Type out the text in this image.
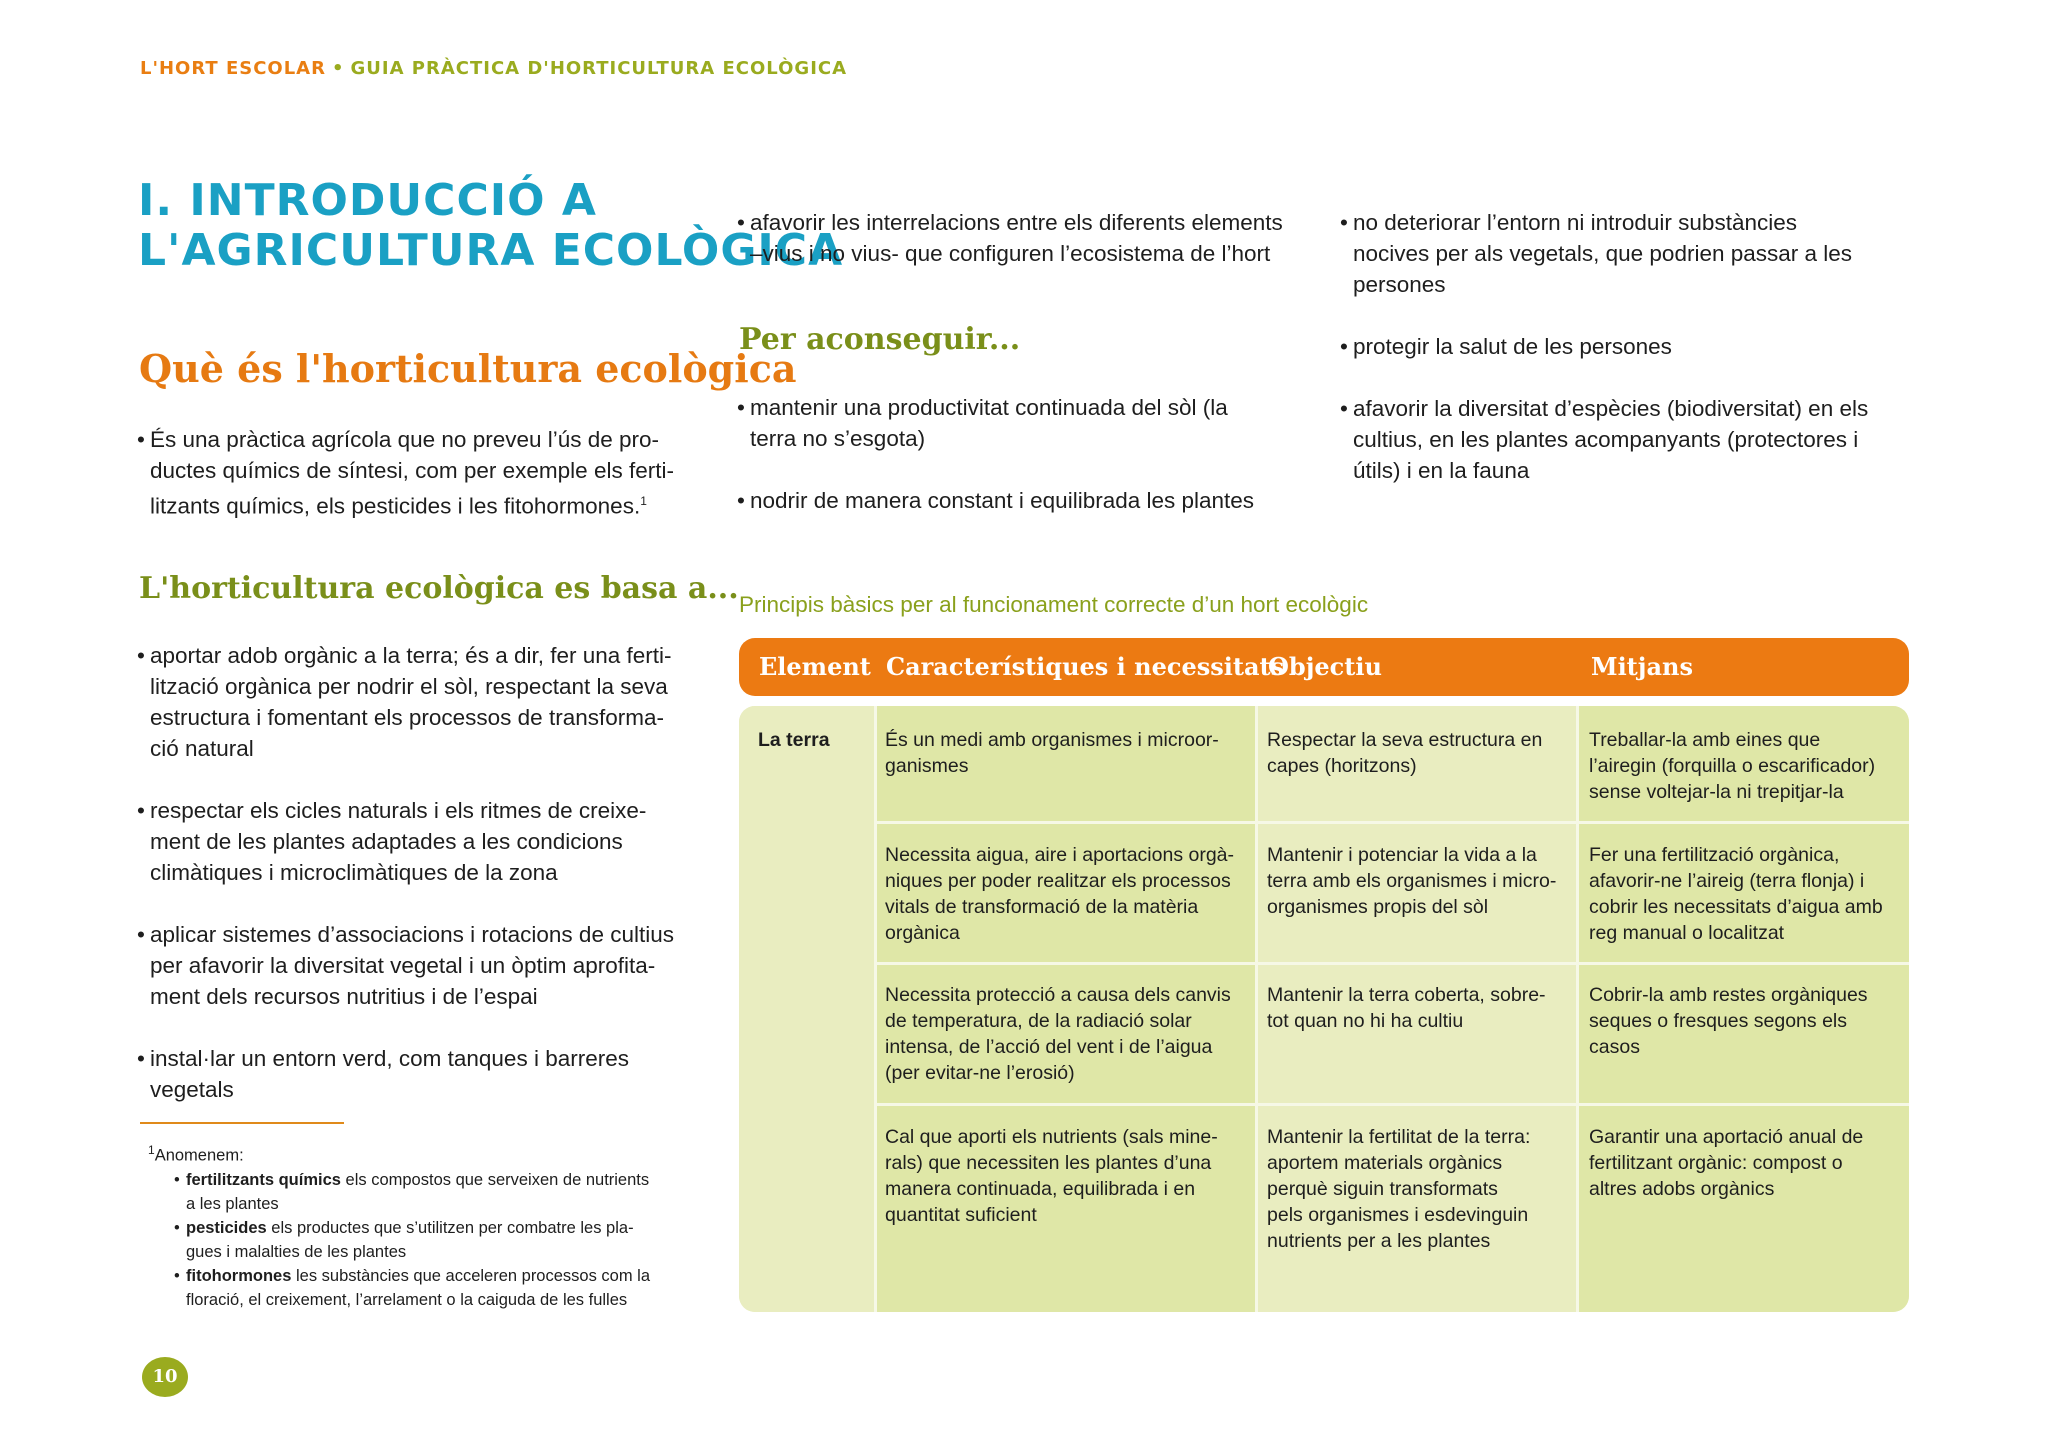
L'HORT ESCOLAR • GUIA PRÀCTICA D'HORTICULTURA ECOLÒGICA
I. INTRODUCCIÓ A
L'AGRICULTURA ECOLÒGICA
Què és l'horticultura ecològica
• És una pràctica agrícola que no preveu l’ús de pro-
ductes químics de síntesi, com per exemple els ferti-
litzants químics, els pesticides i les fitohormones.$^1$
L'horticultura ecològica es basa a...
• aportar adob orgànic a la terra; és a dir, fer una ferti-
lització orgànica per nodrir el sòl, respectant la seva
estructura i fomentant els processos de transforma-
ció natural
• respectar els cicles naturals i els ritmes de creixe-
ment de les plantes adaptades a les condicions
climàtiques i microclimàtiques de la zona
• aplicar sistemes d’associacions i rotacions de cultius
per afavorir la diversitat vegetal i un òptim aprofita-
ment dels recursos nutritius i de l’espai
• instal·lar un entorn verd, com tanques i barreres
vegetals
$^1$Anomenem:
• fertilitzants químics els compostos que serveixen de nutrients
a les plantes
• pesticides els productes que s’utilitzen per combatre les pla-
gues i malalties de les plantes
• fitohormones les substàncies que acceleren processos com la
floració, el creixement, l’arrelament o la caiguda de les fulles
10
• afavorir les interrelacions entre els diferents elements
–vius i no vius- que configuren l’ecosistema de l’hort
Per aconseguir...
• mantenir una productivitat continuada del sòl (la
terra no s’esgota)
• nodrir de manera constant i equilibrada les plantes
• no deteriorar l’entorn ni introduir substàncies
nocives per als vegetals, que podrien passar a les
persones
• protegir la salut de les persones
• afavorir la diversitat d’espècies (biodiversitat) en els
cultius, en les plantes acompanyants (protectores i
útils) i en la fauna
Principis bàsics per al funcionament correcte d’un hort ecològic
Element Característiques i necessitats
Objectiu	Mitjans
La terra	És un medi amb organismes i microor-
ganismes
Respectar la seva estructura en
capes (horitzons)
Treballar-la amb eines que
l’airegin (forquilla o escarificador)
sense voltejar-la ni trepitjar-la
Necessita aigua, aire i aportacions orgà-
niques per poder realitzar els processos
vitals de transformació de la matèria
orgànica
Mantenir i potenciar la vida a la
terra amb els organismes i micro-
organismes propis del sòl
Fer una fertilització orgànica,
afavorir-ne l’aireig (terra flonja) i
cobrir les necessitats d’aigua amb
reg manual o localitzat
Necessita protecció a causa dels canvis
de temperatura, de la radiació solar
intensa, de l’acció del vent i de l’aigua
(per evitar-ne l’erosió)
Mantenir la terra coberta, sobre-
tot quan no hi ha cultiu
Cobrir-la amb restes orgàniques
seques o fresques segons els
casos
Cal que aporti els nutrients (sals mine-
rals) que necessiten les plantes d’una
manera continuada, equilibrada i en
quantitat suficient
Mantenir la fertilitat de la terra:
aportem materials orgànics
perquè siguin transformats
pels organismes i esdevinguin
nutrients per a les plantes
Garantir una aportació anual de
fertilitzant orgànic: compost o
altres adobs orgànics
